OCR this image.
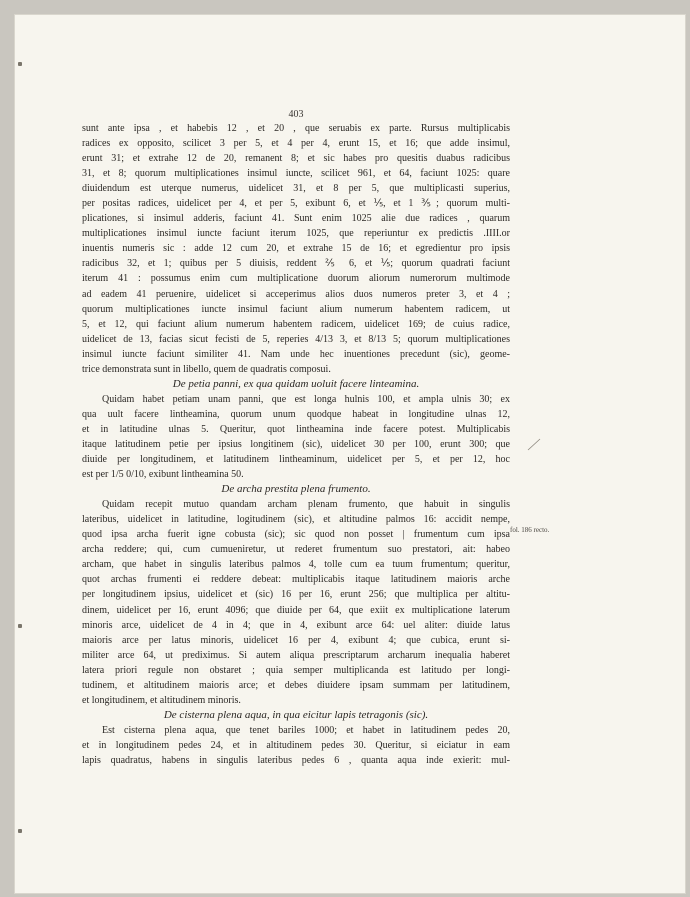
403

sunt ante ipsa , et habebis 12 , et 20 , que seruabis ex parte. Rursus multiplicabis
radices ex opposito, scilicet 3 per 5, et 4 per 4, erunt 15, et 16; que adde insimul,
erunt 31; et extrahe 12 de 20, remanent 8; et sic habes pro quesitis duabus radicibus
31, et 8; quorum multiplicationes insimul iuncte, scilicet 961, et 64, faciunt 1025: quare
diuidendum est uterque numerus, uidelicet 31, et 8 per 5, que multiplicasti superius,
per positas radices, uidelicet per 4, et per 5, exibunt 6, et ⅕, et 1 ⅗; quorum multi-
plicationes, si insimul adderis, faciunt 41. Sunt enim 1025 alie due radices , quarum
multiplicationes insimul iuncte faciunt iterum 1025, que reperiuntur ex predictis .IIII.or
inuentis numeris sic : adde 12 cum 20, et extrahe 15 de 16; et egredientur pro ipsis
radicibus 32, et 1; quibus per 5 diuisis, reddent ⅖ 6, et ⅕; quorum quadrati faciunt
iterum 41 : possumus enim cum multiplicatione duorum aliorum numerorum multimode
ad eadem 41 peruenire, uidelicet si acceperimus alios duos numeros preter 3, et 4 ;
quorum multiplicationes iuncte insimul faciunt alium numerum habentem radicem, ut
5, et 12, qui faciunt alium numerum habentem radicem, uidelicet 169; de cuius radice,
uidelicet de 13, facias sicut fecisti de 5, reperies 4/13 3, et 8/13 5; quorum multiplicationes
insimul iuncte faciunt similiter 41. Nam unde hec inuentiones precedunt (sic), geome-
trice demonstrata sunt in libello, quem de quadratis composui.

De petia panni, ex qua quidam uoluit facere linteamina.

Quidam habet petiam unam panni, que est longa hulnis 100, et ampla ulnis 30; ex
qua uult facere lintheamina, quorum unum quodque habeat in longitudine ulnas 12,
et in latitudine ulnas 5. Queritur, quot lintheamina inde facere potest. Multiplicabis
itaque latitudinem petie per ipsius longitinem (sic), uidelicet 30 per 100, erunt 300; que
diuide per longitudinem, et latitudinem lintheaminum, uidelicet per 5, et per 12, hoc
est per 1/5 0/10, exibunt lintheamina 50.

De archa prestita plena frumento.

Quidam recepit mutuo quandam archam plenam frumento, que habuit in singulis
lateribus, uidelicet in latitudine, logitudinem (sic), et altitudine palmos 16: accidit nempe,
quod ipsa archa fuerit igne cobusta (sic); sic quod non posset | frumentum cum ipsa
archa reddere; qui, cum cumueniretur, ut rederet frumentum suo prestatori, ait: habeo
archam, que habet in singulis lateribus palmos 4, tolle cum ea tuum frumentum; queritur,
quot archas frumenti ei reddere debeat: multiplicabis itaque latitudinem maioris arche
per longitudinem ipsius, uidelicet et (sic) 16 per 16, erunt 256; que multiplica per altitu-
dinem, uidelicet per 16, erunt 4096; que diuide per 64, que exiit ex multiplicatione laterum
minoris arce, uidelicet de 4 in 4; que in 4, exibunt arce 64: uel aliter: diuide latus
maioris arce per latus minoris, uidelicet 16 per 4, exibunt 4; que cubica, erunt si-
militer arce 64, ut prediximus. Si autem aliqua prescriptarum archarum inequalia haberet
latera priori regule non obstaret ; quia semper multiplicanda est latitudo per longi-
tudinem, et altitudinem maioris arce; et debes diuidere ipsam summam per latitudinem,
et longitudinem, et altitudinem minoris.

De cisterna plena aqua, in qua eicitur lapis tetragonis (sic).

Est cisterna plena aqua, que tenet bariles 1000; et habet in latitudinem pedes 20,
et in longitudinem pedes 24, et in altitudinem pedes 30. Queritur, si eiciatur in eam
lapis quadratus, habens in singulis lateribus pedes 6 , quanta aqua inde exierit: mul-

fol. 186 recto.
